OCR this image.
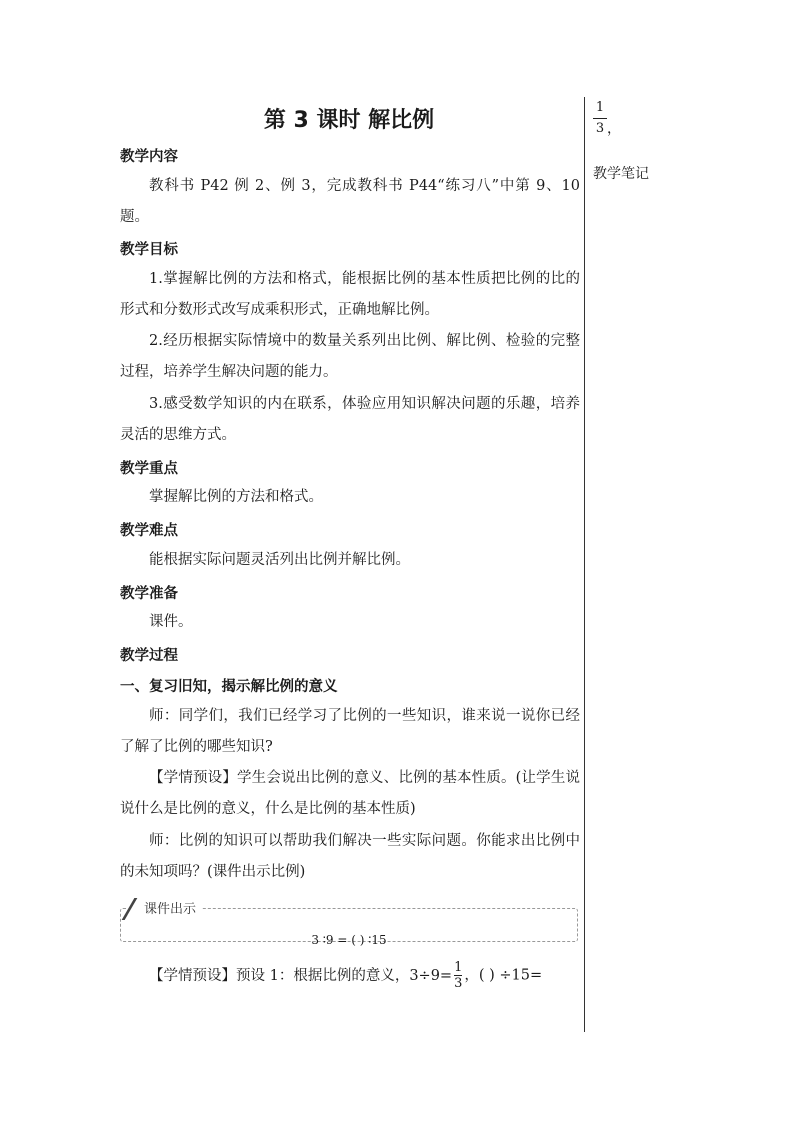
1
3 ，
教学笔记
第 3 课时 解比例
教学内容
教科书 P42 例 2、例 3，完成教科书 P44“练习八”中第 9、10 题。
教学目标
1.掌握解比例的方法和格式，能根据比例的基本性质把比例的比的形式和分数形式改写成乘积形式，正确地解比例。
2.经历根据实际情境中的数量关系列出比例、解比例、检验的完整过程，培养学生解决问题的能力。
3.感受数学知识的内在联系，体验应用知识解决问题的乐趣，培养灵活的思维方式。
教学重点
掌握解比例的方法和格式。
教学难点
能根据实际问题灵活列出比例并解比例。
教学准备
课件。
教学过程
一、复习旧知，揭示解比例的意义
师：同学们，我们已经学习了比例的一些知识，谁来说一说你已经了解了比例的哪些知识?
【学情预设】学生会说出比例的意义、比例的基本性质。(让学生说说什么是比例的意义，什么是比例的基本性质)
师：比例的知识可以帮助我们解决一些实际问题。你能求出比例中的未知项吗？(课件出示比例)
3 ∶9 = ( ) ∶15
课件出示
【学情预设】预设 1：根据比例的意义，$3\div 9= \frac{1}{3}$ ，( ) ÷15=
